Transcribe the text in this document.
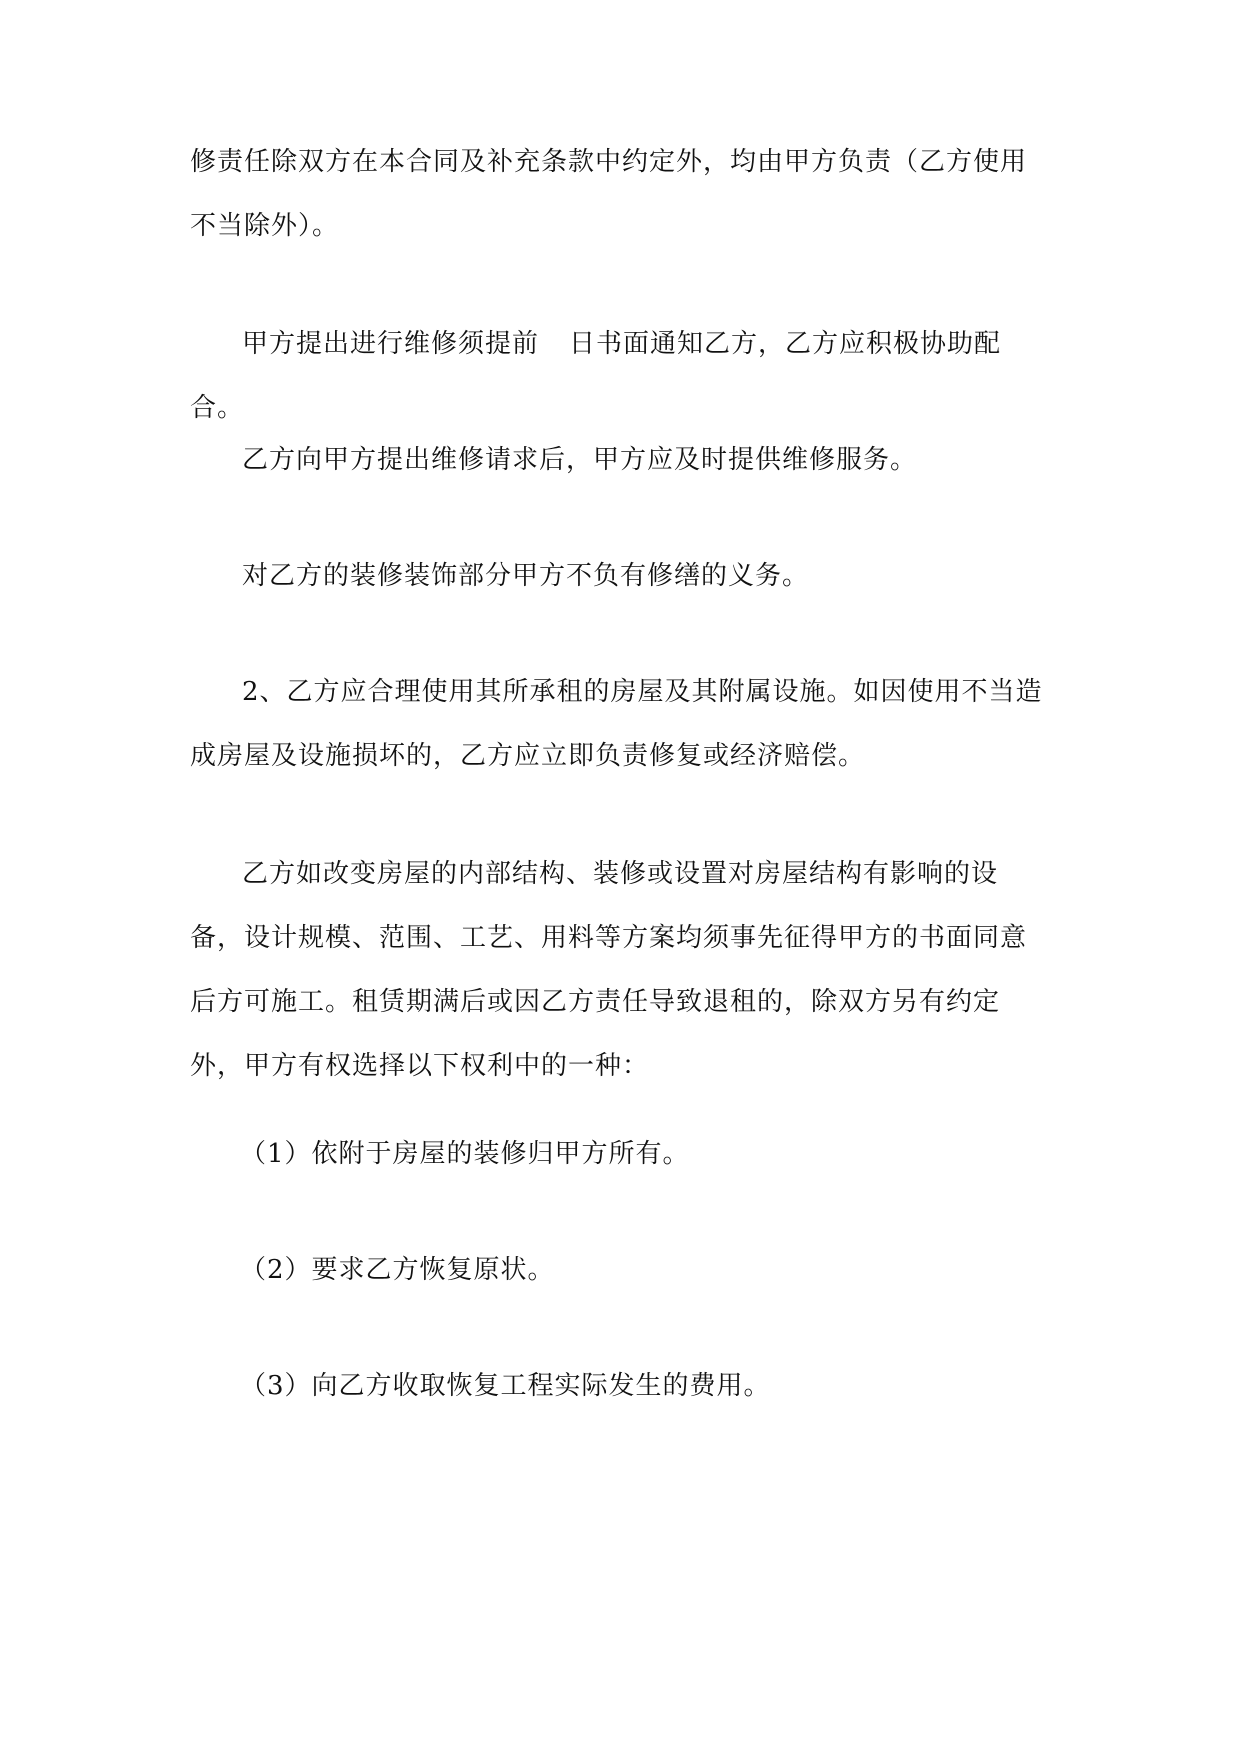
修责任除双方在本合同及补充条款中约定外，均由甲方负责（乙方使用不当除外）。

甲方提出进行维修须提前 日书面通知乙方，乙方应积极协助配合。

乙方向甲方提出维修请求后，甲方应及时提供维修服务。

对乙方的装修装饰部分甲方不负有修缮的义务。

2、乙方应合理使用其所承租的房屋及其附属设施。如因使用不当造成房屋及设施损坏的，乙方应立即负责修复或经济赔偿。

乙方如改变房屋的内部结构、装修或设置对房屋结构有影响的设备，设计规模、范围、工艺、用料等方案均须事先征得甲方的书面同意后方可施工。租赁期满后或因乙方责任导致退租的，除双方另有约定外，甲方有权选择以下权利中的一种：

（1）依附于房屋的装修归甲方所有。

（2）要求乙方恢复原状。

（3）向乙方收取恢复工程实际发生的费用。
